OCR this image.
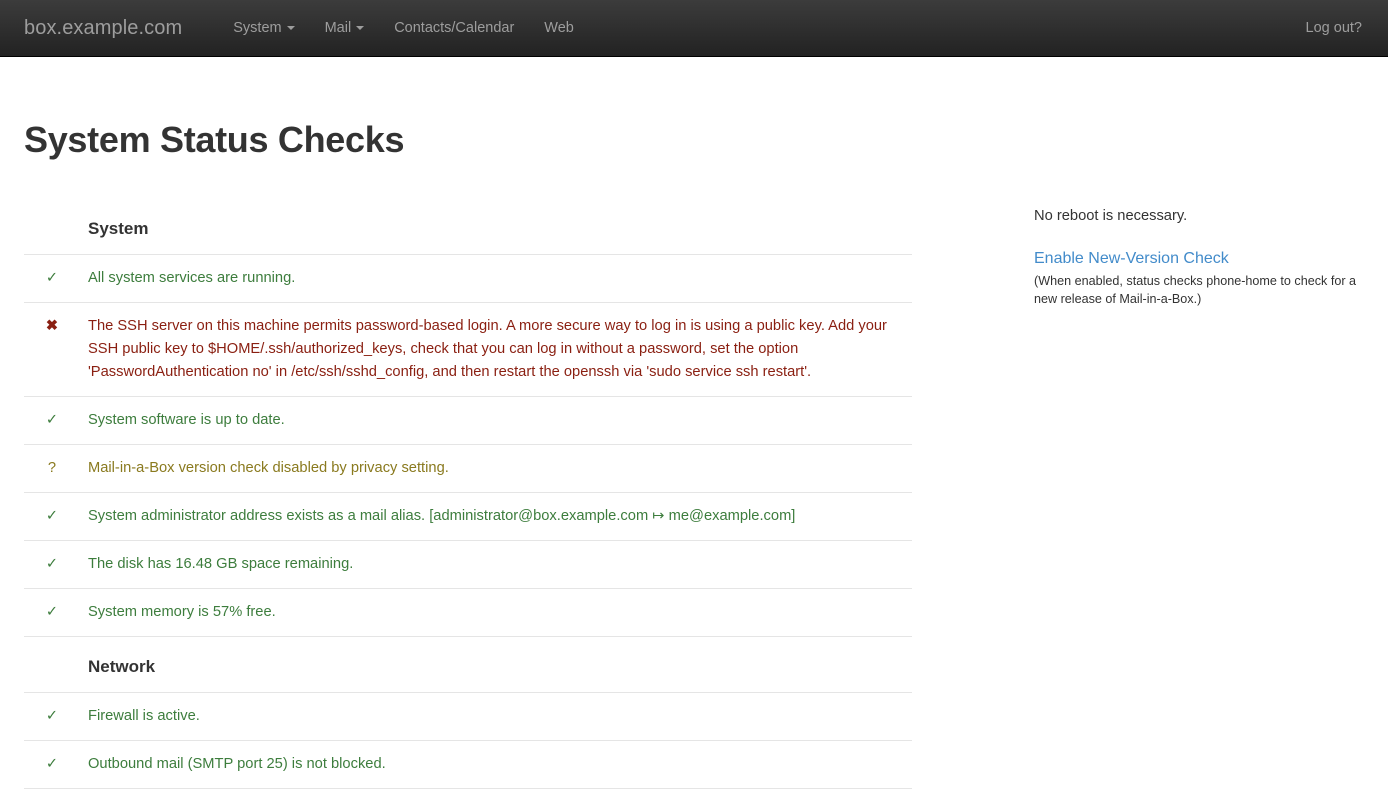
box.example.com	System	Mail	Contacts/Calendar	Web	Log out?
System Status Checks
	System
✓	All system services are running.
✖	The SSH server on this machine permits password-based login. A more secure way to log in is using a public key. Add your SSH public key to $HOME/.ssh/authorized_keys, check that you can log in without a password, set the option 'PasswordAuthentication no' in /etc/ssh/sshd_config, and then restart the openssh via 'sudo service ssh restart'.
✓	System software is up to date.
?	Mail-in-a-Box version check disabled by privacy setting.
✓	System administrator address exists as a mail alias. [administrator@box.example.com ↦ me@example.com]
✓	The disk has 16.48 GB space remaining.
✓	System memory is 57% free.
	Network
✓	Firewall is active.
✓	Outbound mail (SMTP port 25) is not blocked.
No reboot is necessary.
Enable New-Version Check
(When enabled, status checks phone-home to check for a new release of Mail-in-a-Box.)
